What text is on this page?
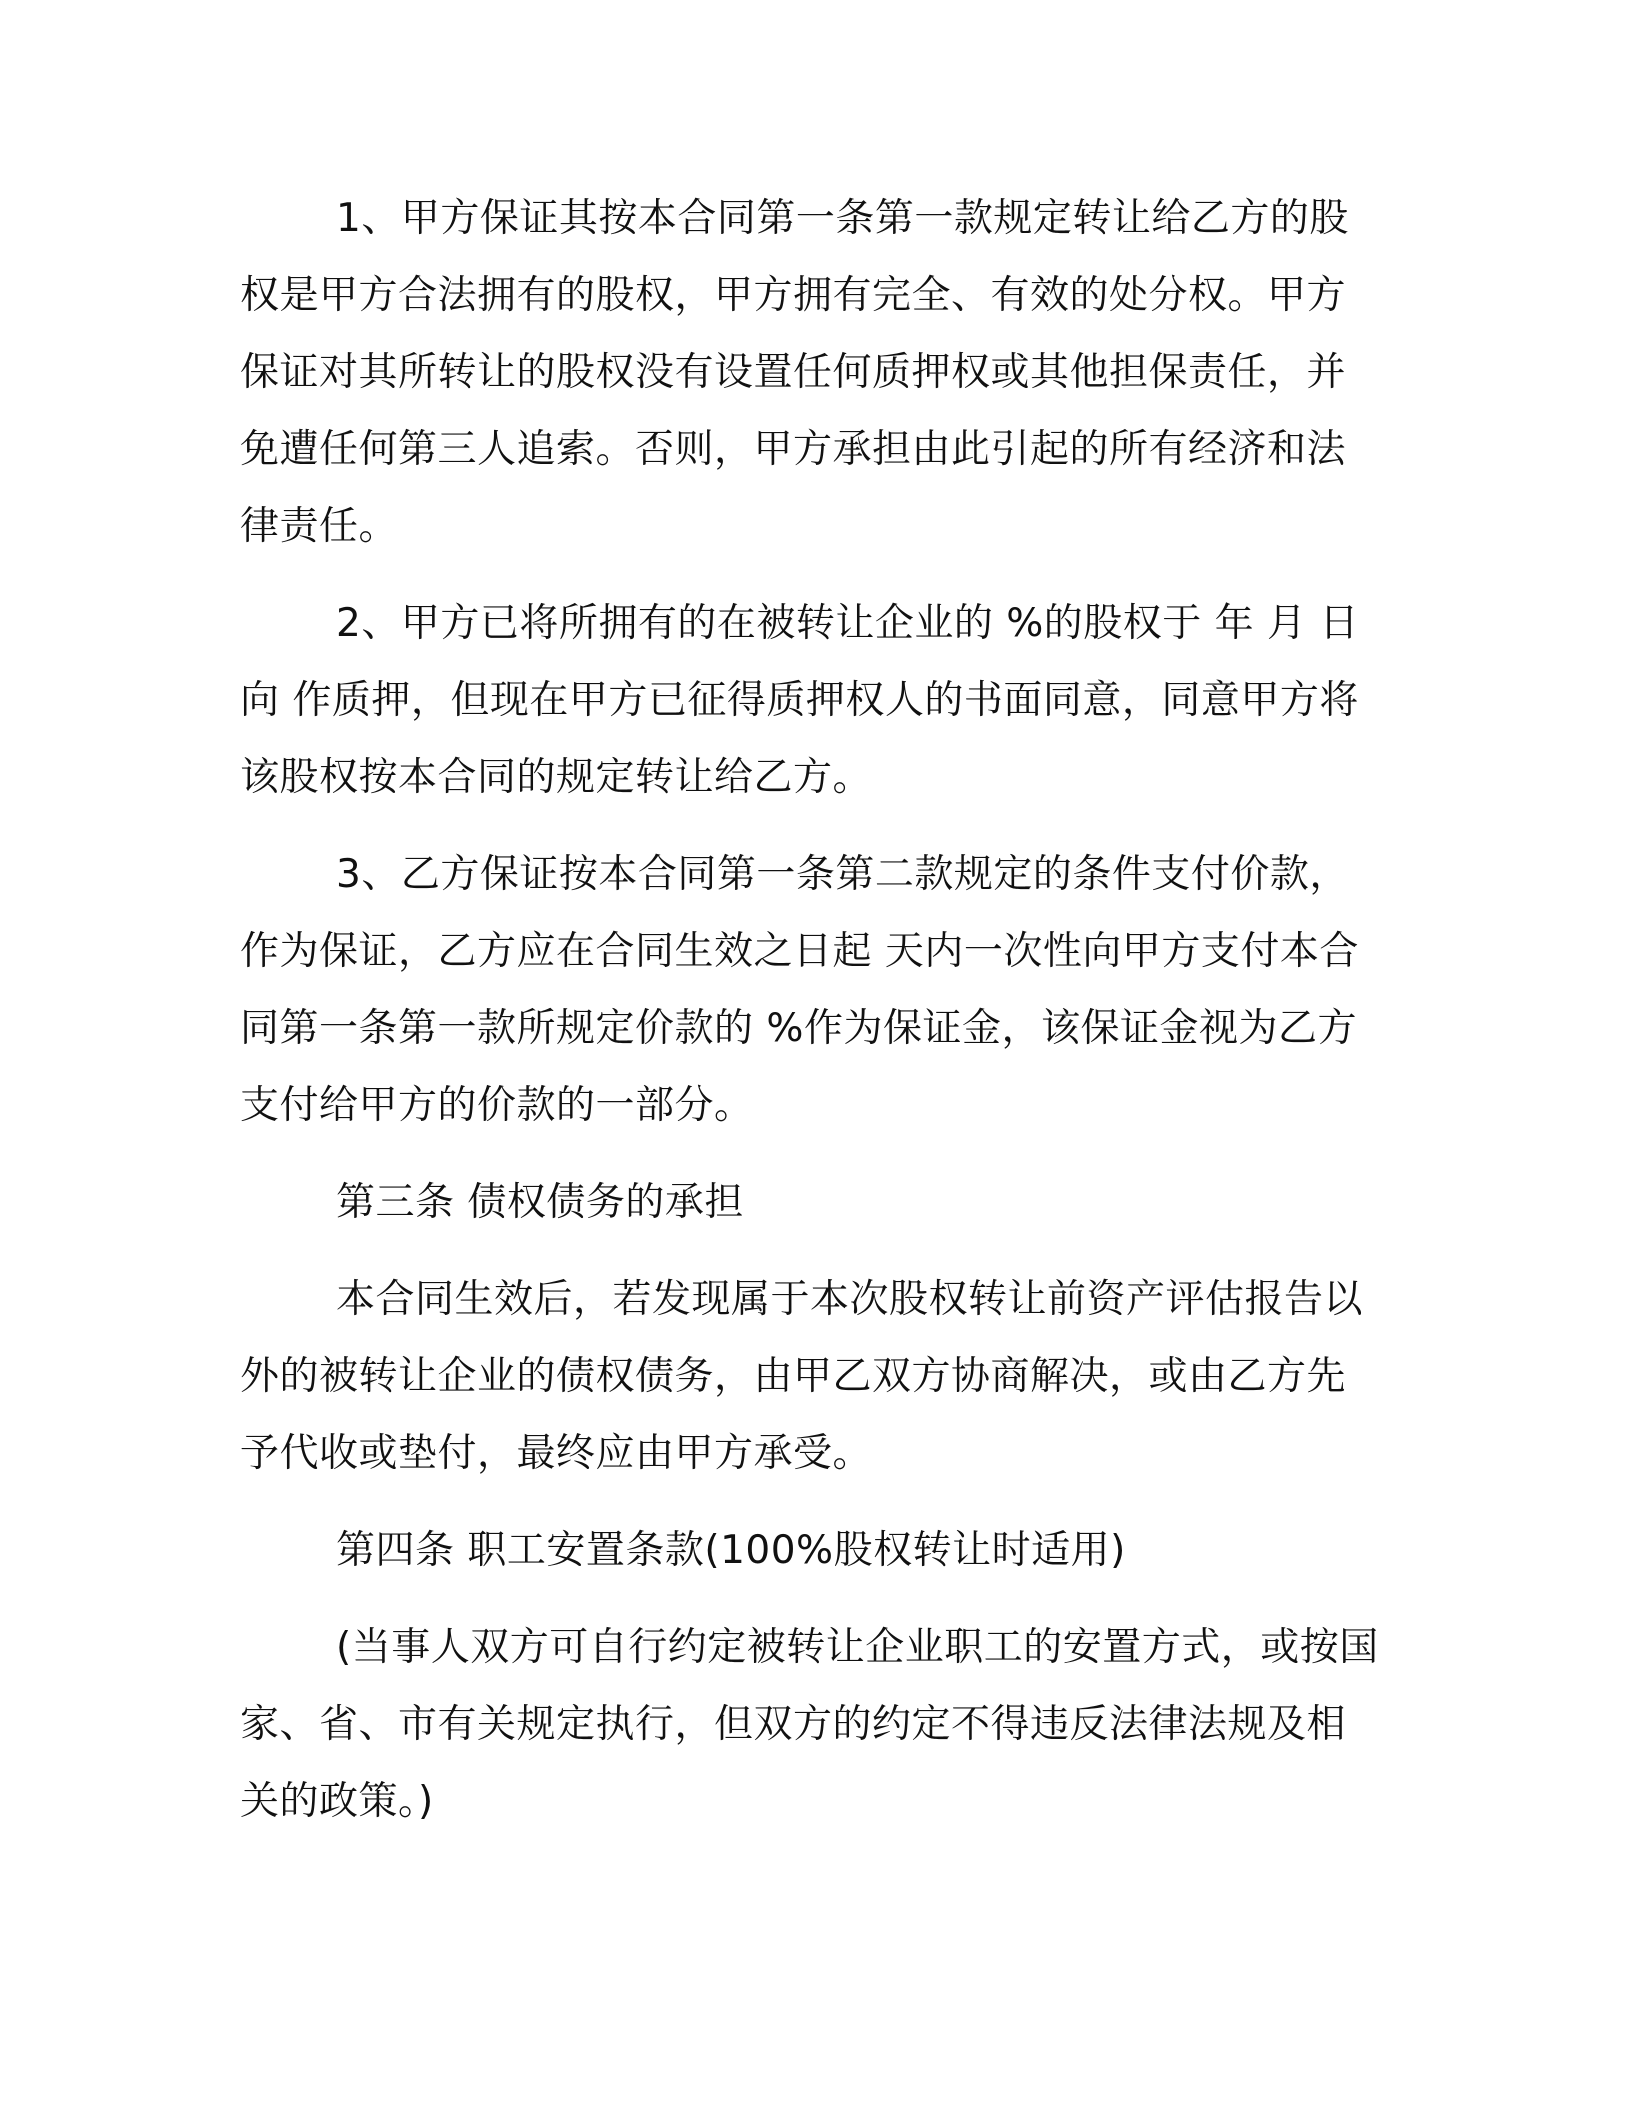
1、甲方保证其按本合同第一条第一款规定转让给乙方的股权是甲方合法拥有的股权，甲方拥有完全、有效的处分权。甲方保证对其所转让的股权没有设置任何质押权或其他担保责任，并免遭任何第三人追索。否则，甲方承担由此引起的所有经济和法律责任。

2、甲方已将所拥有的在被转让企业的 %的股权于 年 月 日向 作质押，但现在甲方已征得质押权人的书面同意，同意甲方将该股权按本合同的规定转让给乙方。

3、乙方保证按本合同第一条第二款规定的条件支付价款，作为保证，乙方应在合同生效之日起 天内一次性向甲方支付本合同第一条第一款所规定价款的 %作为保证金，该保证金视为乙方支付给甲方的价款的一部分。

第三条 债权债务的承担

本合同生效后，若发现属于本次股权转让前资产评估报告以外的被转让企业的债权债务，由甲乙双方协商解决，或由乙方先予代收或垫付，最终应由甲方承受。

第四条 职工安置条款(100%股权转让时适用)

(当事人双方可自行约定被转让企业职工的安置方式，或按国家、省、市有关规定执行，但双方的约定不得违反法律法规及相关的政策。)
